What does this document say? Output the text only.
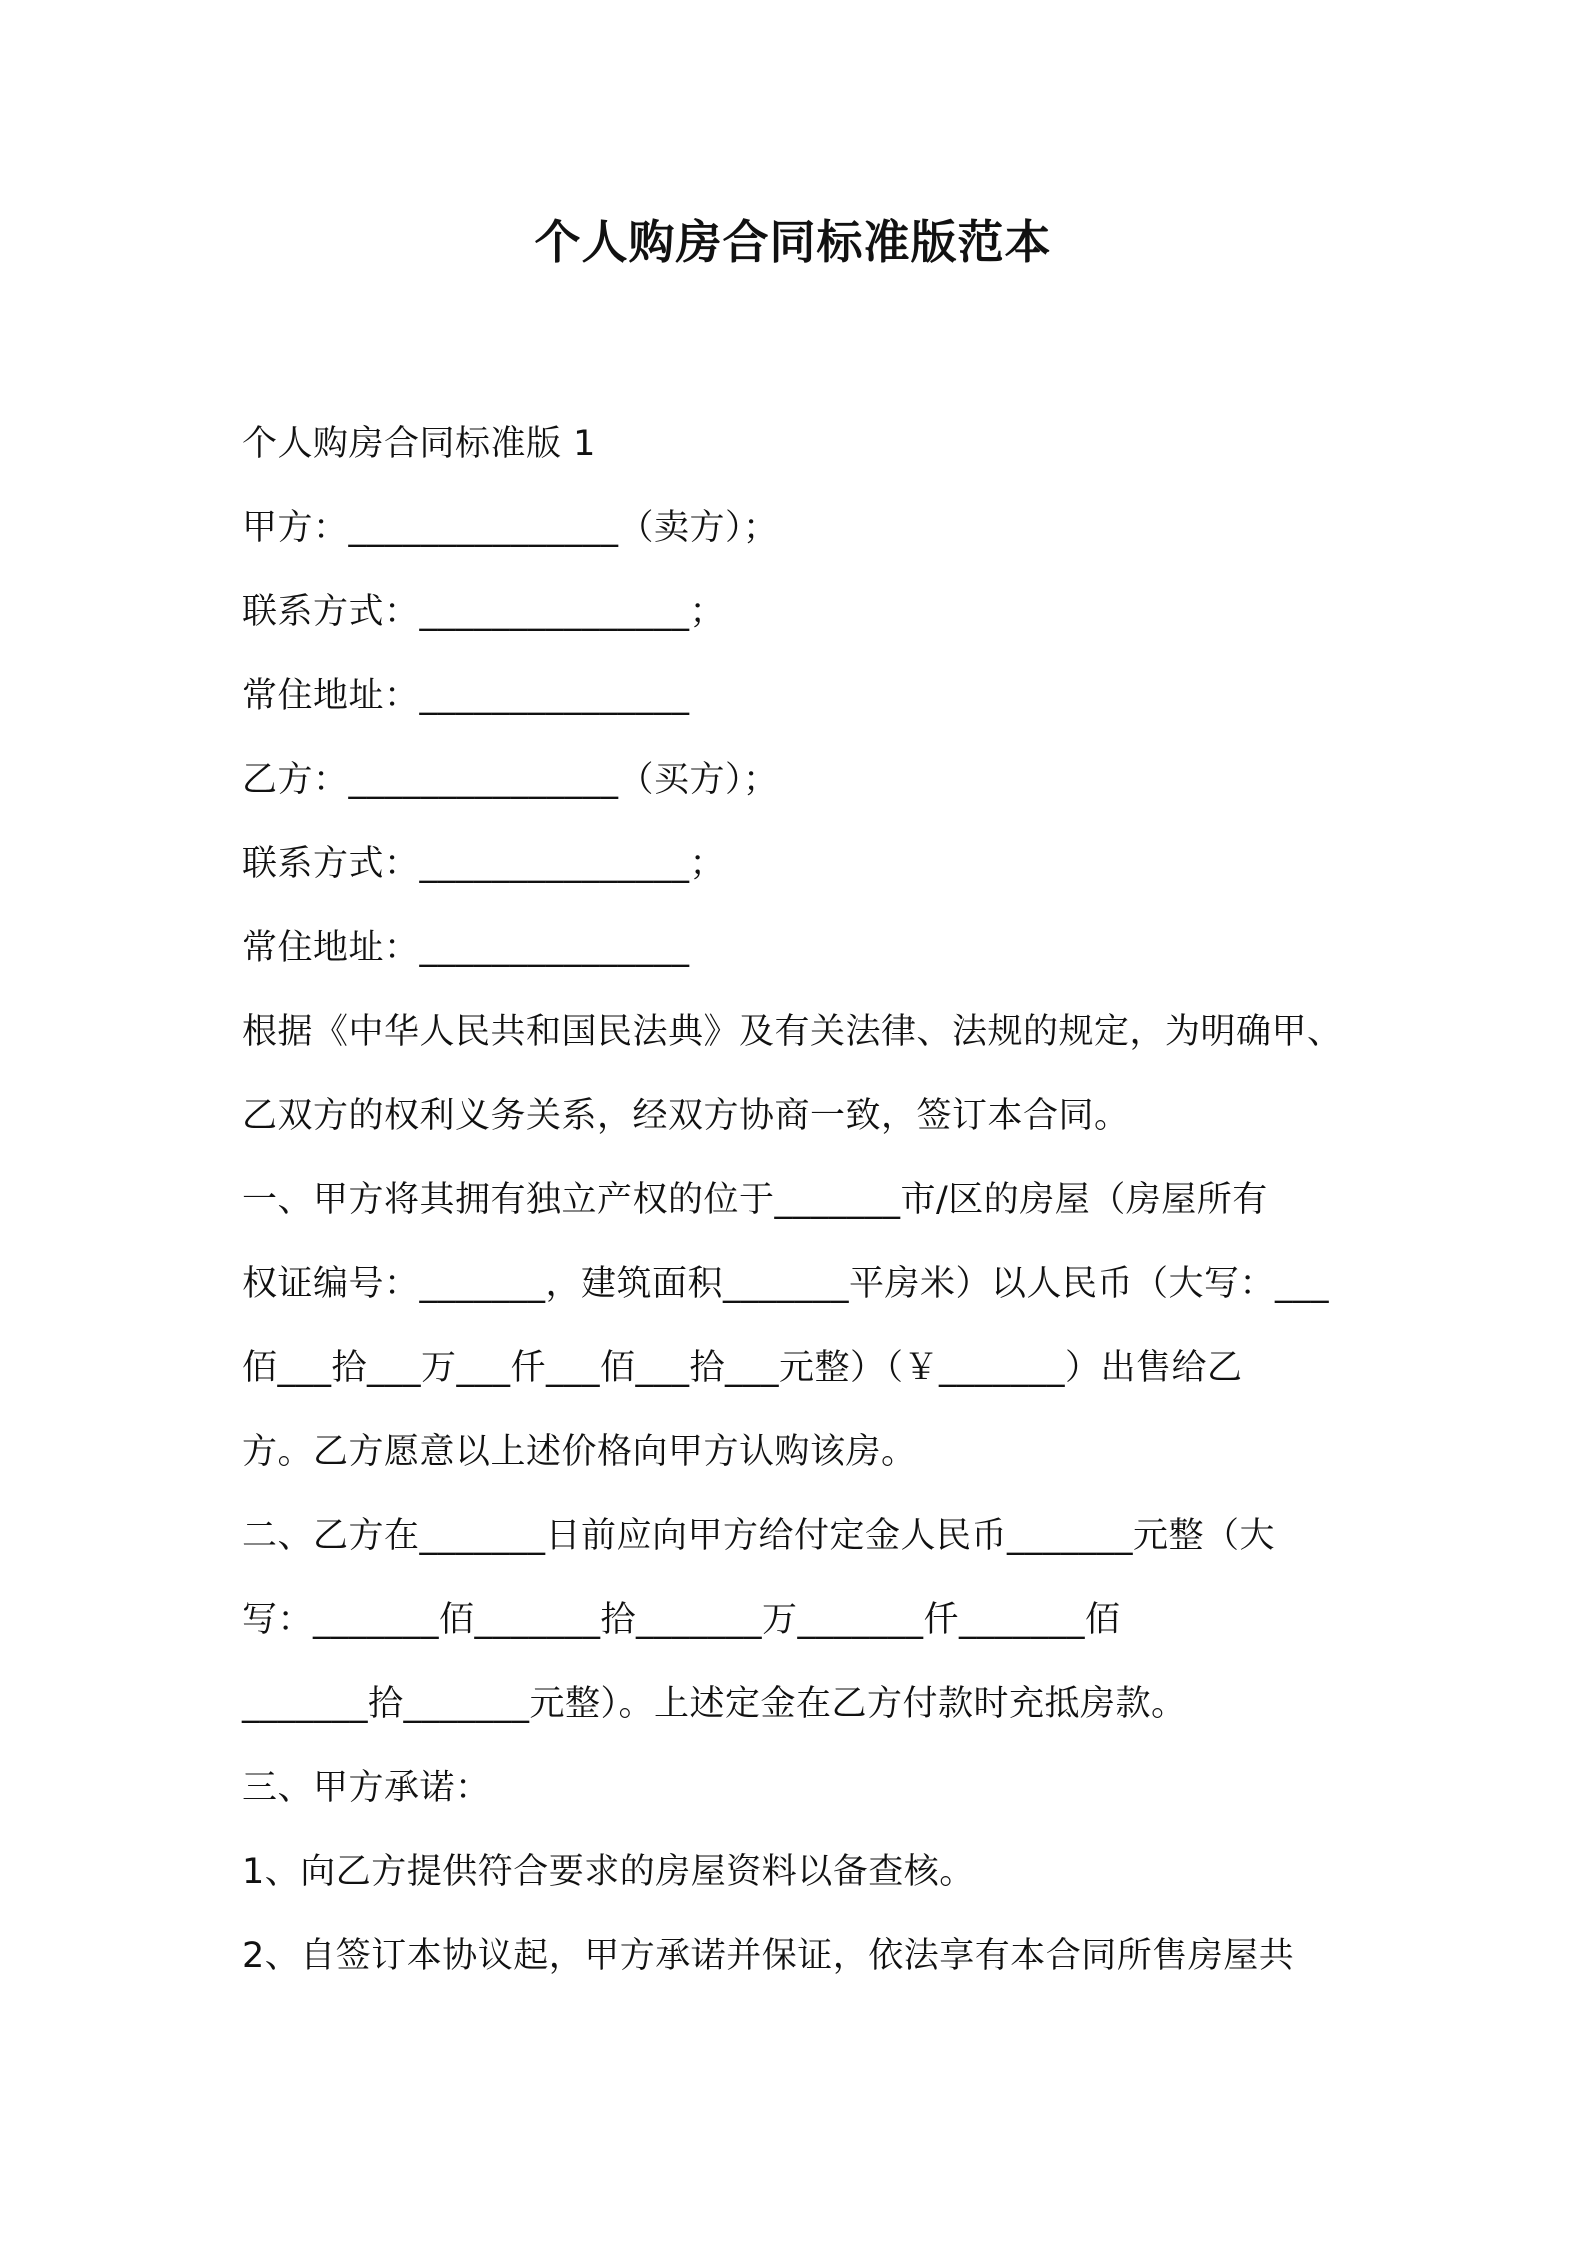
个人购房合同标准版范本
个人购房合同标准版 1
甲方：_______________（卖方）；
联系方式：_______________；
常住地址：_______________
乙方：_______________（买方）；
联系方式：_______________；
常住地址：_______________
根据《中华人民共和国民法典》及有关法律、法规的规定，为明确甲、
乙双方的权利义务关系，经双方协商一致，签订本合同。
一、甲方将其拥有独立产权的位于_______市/区的房屋（房屋所有
权证编号：_______，建筑面积_______平房米）以人民币（大写：___
佰___拾___万___仟___佰___拾___元整）（￥_______）出售给乙
方。乙方愿意以上述价格向甲方认购该房。
二、乙方在_______日前应向甲方给付定金人民币_______元整（大
写：_______佰_______拾_______万_______仟_______佰
_______拾_______元整）。上述定金在乙方付款时充抵房款。
三、甲方承诺：
1、向乙方提供符合要求的房屋资料以备查核。
2、自签订本协议起，甲方承诺并保证，依法享有本合同所售房屋共
